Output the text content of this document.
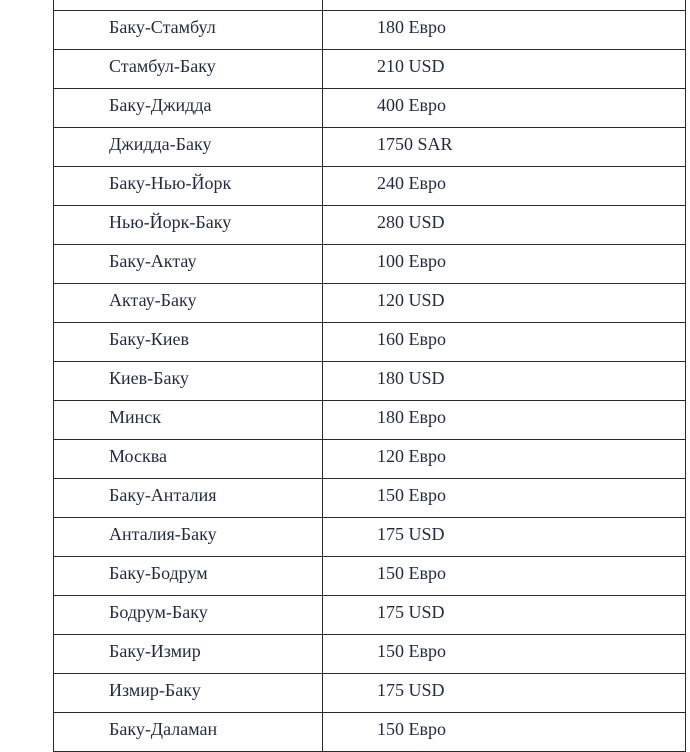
Баку-Стамбул	180 Евро
Стамбул-Баку	210 USD
Баку-Джидда	400 Евро
Джидда-Баку	1750 SAR
Баку-Нью-Йорк	240 Евро
Нью-Йорк-Баку	280 USD
Баку-Актау	100 Евро
Актау-Баку	120 USD
Баку-Киев	160 Евро
Киев-Баку	180 USD
Минск	180 Евро
Москва	120 Евро
Баку-Анталия	150 Евро
Анталия-Баку	175 USD
Баку-Бодрум	150 Евро
Бодрум-Баку	175 USD
Баку-Измир	150 Евро
Измир-Баку	175 USD
Баку-Даламан	150 Евро
